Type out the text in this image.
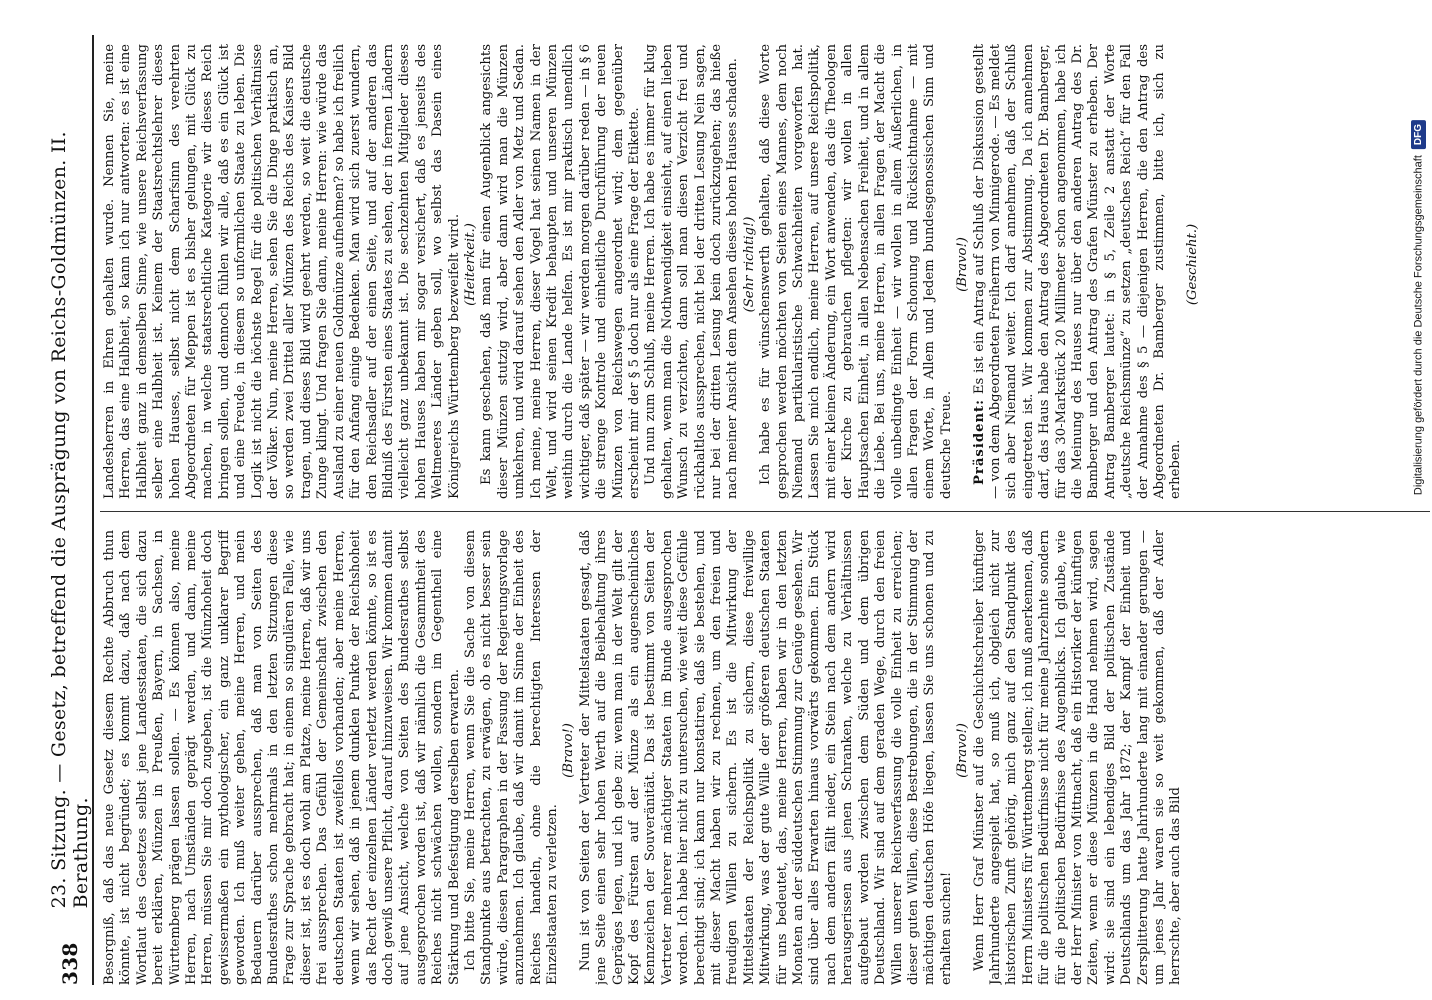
338
23. Sitzung. — Gesetz, betreffend die Ausprägung von Reichs-Goldmünzen. II. Berathung. Besorgniß, daß das neue Gesetz diesem Rechte Abbruch thun könnte, ist nicht begründet; es kommt dazu, daß nach dem Wortlaut des Gesetzes selbst jene Landesstaaten, die sich dazu bereit erklären, Münzen in Preußen, Bayern, in Sachsen, in Württemberg prägen lassen sollen. — Es können also, meine Herren, nach Umständen geprägt werden, und dann, meine Herren, müssen Sie mir doch zugeben, ist die Münzhoheit doch gewissermaßen ein mythologischer, ein ganz unklarer Begriff geworden. Ich muß weiter gehen, meine Herren, und mein Bedauern darüber aussprechen, daß man von Seiten des Bundesrathes schon mehrmals in den letzten Sitzungen diese Frage zur Sprache gebracht hat; in einem so singulären Falle, wie dieser ist, ist es doch wohl am Platze, meine Herren, daß wir uns frei aussprechen. Das Gefühl der Gemeinschaft zwischen den deutschen Staaten ist zweifellos vorhanden; aber meine Herren, wenn wir sehen, daß in jenem dunklen Punkte der Reichshoheit das Recht der einzelnen Länder verletzt werden könnte, so ist es doch gewiß unsere Pflicht, darauf hinzuweisen. Wir kommen damit auf jene Ansicht, welche von Seiten des Bundesrathes selbst ausgesprochen worden ist, daß wir nämlich die Gesammtheit des Reiches nicht schwächen wollen, sondern im Gegentheil eine Stärkung und Befestigung derselben erwarten. Ich bitte Sie, meine Herren, wenn Sie die Sache von diesem Standpunkte aus betrachten, zu erwägen, ob es nicht besser sein würde, diesen Paragraphen in der Fassung der Regierungsvorlage anzunehmen. Ich glaube, daß wir damit im Sinne der Einheit des Reiches handeln, ohne die berechtigten Interessen der Einzelstaaten zu verletzen.

(Bravo!) Nun ist von Seiten der Vertreter der Mittelstaaten gesagt, daß jene Seite einen sehr hohen Werth auf die Beibehaltung ihres Gepräges legen, und ich gebe zu: wenn man in der Welt gilt der Kopf des Fürsten auf der Münze als ein augenscheinliches Kennzeichen der Souveränität. Das ist bestimmt von Seiten der Vertreter mehrerer mächtiger Staaten im Bunde ausgesprochen worden. Ich habe hier nicht zu untersuchen, wie weit diese Gefühle berechtigt sind; ich kann nur konstatiren, daß sie bestehen, und mit dieser Macht haben wir zu rechnen, um den freien und freudigen Willen zu sichern. Es ist die Mitwirkung der Mittelstaaten der Reichspolitik zu sichern, diese freiwillige Mitwirkung, was der gute Wille der größeren deutschen Staaten für uns bedeutet, das, meine Herren, haben wir in den letzten Monaten an der süddeutschen Stimmung zur Genüge gesehen. Wir sind über alles Erwarten hinaus vorwärts gekommen. Ein Stück nach dem andern fällt nieder, ein Stein nach dem andern wird herausgerissen aus jenen Schranken, welche zu Verhältnissen aufgebaut worden zwischen dem Süden und dem übrigen Deutschland. Wir sind auf dem geraden Wege, durch den freien Willen unserer Reichsverfassung die volle Einheit zu erreichen; dieser guten Willen, diese Bestrebungen, die in der Stimmung der mächtigen deutschen Höfe liegen, lassen Sie uns schonen und zu erhalten suchen!

(Bravo!) Wenn Herr Graf Münster auf die Geschichtschreiber künftiger Jahrhunderte angespielt hat, so muß ich, obgleich nicht zur historischen Zunft gehörig, mich ganz auf den Standpunkt des Herrn Ministers für Württemberg stellen; ich muß anerkennen, daß für die politischen Bedürfnisse nicht für meine Jahrzehnte sondern für die politischen Bedürfnisse des Augenblicks. Ich glaube, wie der Herr Minister von Mittnacht, daß ein Historiker der künftigen Zeiten, wenn er diese Münzen in die Hand nehmen wird, sagen wird: sie sind ein lebendiges Bild der politischen Zustände Deutschlands um das Jahr 1872; der Kampf der Einheit und Zersplitterung hatte Jahrhunderte lang mit einander gerungen — um jenes Jahr waren sie so weit gekommen, daß der Adler herrschte, aber auch das Bild

Landesherren in Ehren gehalten wurde. Nennen Sie, meine Herren, das eine Halbheit, so kann ich nur antworten: es ist eine Halbheit ganz in demselben Sinne, wie unsere Reichsverfassung selber eine Halbheit ist. Keinem der Staatsrechtslehrer dieses hohen Hauses, selbst nicht dem Scharfsinn des verehrten Abgeordneten für Meppen ist es bisher gelungen, mit Glück zu machen, in welche staatsrechtliche Kategorie wir dieses Reich bringen sollen, und dennoch fühlen wir alle, daß es ein Glück ist und eine Freude, in diesem so unformlichen Staate zu leben. Die Logik ist nicht die höchste Regel für die politischen Verhältnisse der Völker. Nun, meine Herren, sehen Sie die Dinge praktisch an, so werden zwei Drittel aller Münzen des Reichs des Kaisers Bild tragen, und dieses Bild wird geehrt werden, so weit die deutsche Zunge klingt. Und fragen Sie dann, meine Herren: wie würde das Ausland zu einer neuen Goldmünze aufnehmen? so habe ich freilich für den Anfang einige Bedenken. Man wird sich zuerst wundern, den Reichsadler auf der einen Seite, und auf der anderen das Bildniß des Fürsten eines Staates zu sehen, der in fernen Ländern vielleicht ganz unbekannt ist. Die sechzehnten Mitglieder dieses hohen Hauses haben mir sogar versichert, daß es jenseits des Weltmeeres Länder geben soll, wo selbst das Dasein eines Königreichs Württemberg bezweifelt wird. (Heiterkeit.) Es kann geschehen, daß man für einen Augenblick angesichts dieser Münzen stutzig wird, aber dann wird man die Münzen umkehren, und wird darauf sehen den Adler von Metz und Sedan. Ich meine, meine Herren, dieser Vogel hat seinen Namen in der Welt, und wird seinen Kredit behaupten und unseren Münzen weithin durch die Lande helfen. Es ist mir praktisch unendlich wichtiger, daß später — wir werden morgen darüber reden — in § 6 die strenge Kontrole und einheitliche Durchführung der neuen Münzen von Reichswegen angeordnet wird; dem gegenüber erscheint mir der § 5 doch nur als eine Frage der Etikette. Und nun zum Schluß, meine Herren. Ich habe es immer für klug gehalten, wenn man die Nothwendigkeit einsieht, auf einen lieben Wunsch zu verzichten, dann soll man diesen Verzicht frei und rückhaltlos aussprechen, nicht bei der dritten Lesung Nein sagen, nur bei der dritten Lesung kein doch zurückzugehen; das hieße nach meiner Ansicht dem Ansehen dieses hohen Hauses schaden. (Sehr richtig!) Ich habe es für wünschenswerth gehalten, daß diese Worte gesprochen werden möchten von Seiten eines Mannes, dem noch Niemand partikularistische Schwachheiten vorgeworfen hat. Lassen Sie mich endlich, meine Herren, auf unsere Reichspolitik, mit einer kleinen Änderung, ein Wort anwenden, das die Theologen der Kirche zu gebrauchen pflegten: wir wollen in allen Hauptsachen Einheit, in allen Nebensachen Freiheit, und in allem die Liebe. Bei uns, meine Herren, in allen Fragen der Macht die volle unbedingte Einheit — wir wollen in allem Äußerlichen, in allen Fragen der Form Schonung und Rücksichtnahme — mit einem Worte, in Allem und Jedem bundesgenossischen Sinn und deutsche Treue.

(Bravo!)

Präsident: Es ist ein Antrag auf Schluß der Diskussion gestellt — von dem Abgeordneten Freiherrn von Minnigerode. — Es meldet sich aber Niemand weiter. Ich darf annehmen, daß der Schluß eingetreten ist. Wir kommen zur Abstimmung. Da ich annehmen darf, das Haus habe den Antrag des Abgeordneten Dr. Bamberger, für das 30-Markstück 20 Millimeter schon angenommen, habe ich die Meinung des Hauses nur über den anderen Antrag des Dr. Bamberger und den Antrag des Grafen Münster zu erheben. Der Antrag Bamberger lautet: in § 5, Zeile 2 anstatt der Worte „deutsche Reichsmünze“ zu setzen „deutsches Reich“ für den Fall der Annahme des § 5 — diejenigen Herren, die den Antrag des Abgeordneten Dr. Bamberger zustimmen, bitte ich, sich zu erheben.

(Geschieht.)	Digitalisierung gefördert durch die Deutsche Forschungsgemeinschaft
DFG
